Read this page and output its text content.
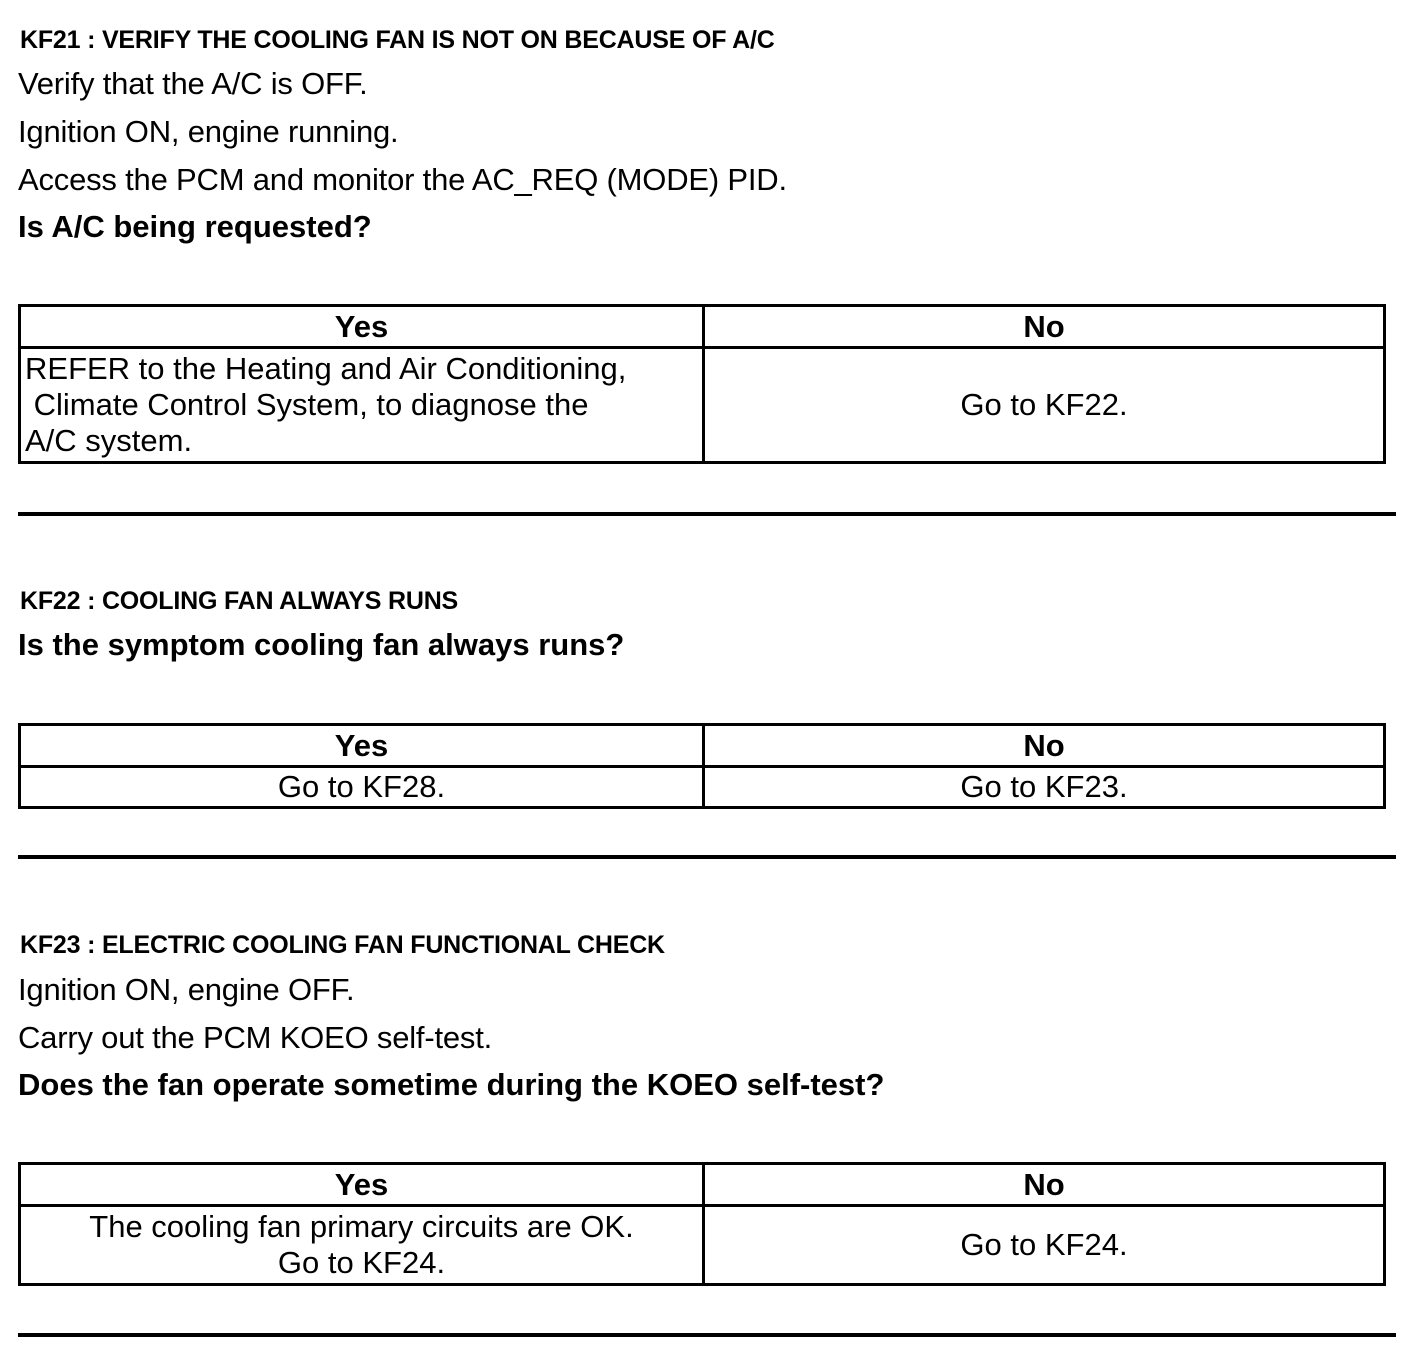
KF21 : VERIFY THE COOLING FAN IS NOT ON BECAUSE OF A/C
Verify that the A/C is OFF.
Ignition ON, engine running.
Access the PCM and monitor the AC_REQ (MODE) PID.
Is A/C being requested?
Yes	No

REFER to the Heating and Air Conditioning,
Climate Control System, to diagnose the
A/C system.	Go to KF22.
KF22 : COOLING FAN ALWAYS RUNS
Is the symptom cooling fan always runs?
Yes	No
Go to KF28.	Go to KF23.
KF23 : ELECTRIC COOLING FAN FUNCTIONAL CHECK
Ignition ON, engine OFF.
Carry out the PCM KOEO self-test.
Does the fan operate sometime during the KOEO self-test?
Yes	No

The cooling fan primary circuits are OK.
Go to KF24.	Go to KF24.
